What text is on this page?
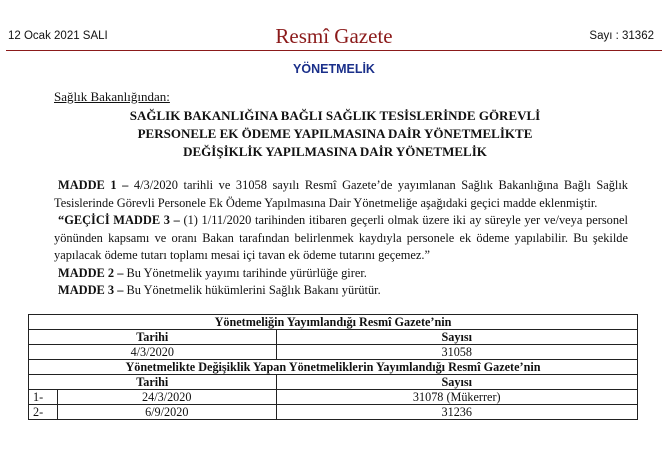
12 Ocak 2021 SALI	Resmî Gazete	Sayı : 31362
YÖNETMELİK
Sağlık Bakanlığından:
SAĞLIK BAKANLIĞINA BAĞLI SAĞLIK TESİSLERİNDE GÖREVLİ
PERSONELE EK ÖDEME YAPILMASINA DAİR YÖNETMELİKTE
DEĞİŞİKLİK YAPILMASINA DAİR YÖNETMELİK

MADDE 1 – 4/3/2020 tarihli ve 31058 sayılı Resmî Gazete’de yayımlanan Sağlık Bakanlığına Bağlı Sağlık Tesislerinde Görevli Personele Ek Ödeme Yapılmasına Dair Yönetmeliğe aşağıdaki geçici madde eklenmiştir.

“GEÇİCİ MADDE 3 – (1) 1/11/2020 tarihinden itibaren geçerli olmak üzere iki ay süreyle yer ve/veya personel yönünden kapsamı ve oranı Bakan tarafından belirlenmek kaydıyla personele ek ödeme yapılabilir. Bu şekilde yapılacak ödeme tutarı toplamı mesai içi tavan ek ödeme tutarını geçemez.”

MADDE 2 – Bu Yönetmelik yayımı tarihinde yürürlüğe girer.

MADDE 3 – Bu Yönetmelik hükümlerini Sağlık Bakanı yürütür.

Yönetmeliğin Yayımlandığı Resmî Gazete’nin		
Tarihi		Sayısı
4/3/2020		31058
Yönetmelikte Değişiklik Yapan Yönetmeliklerin Yayımlandığı Resmî Gazete’nin		
Tarihi		Sayısı
1-	24/3/2020	31078 (Mükerrer)
2-	6/9/2020	31236
